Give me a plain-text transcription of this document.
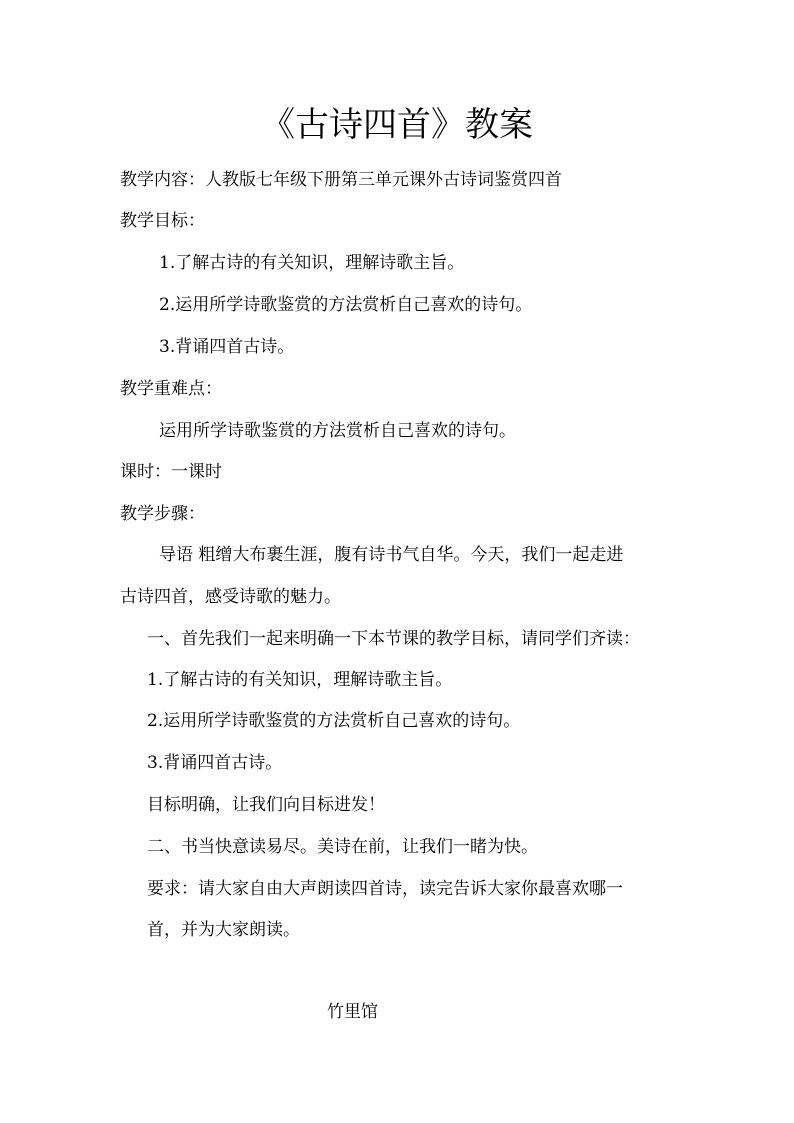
《古诗四首》教案
教学内容：人教版七年级下册第三单元课外古诗词鉴赏四首
教学目标：
1.了解古诗的有关知识，理解诗歌主旨。
2.运用所学诗歌鉴赏的方法赏析自己喜欢的诗句。
3.背诵四首古诗。
教学重难点：
运用所学诗歌鉴赏的方法赏析自己喜欢的诗句。
课时：一课时
教学步骤：
导语 粗缯大布裹生涯，腹有诗书气自华。今天，我们一起走进
古诗四首，感受诗歌的魅力。
一、首先我们一起来明确一下本节课的教学目标，请同学们齐读：
1.了解古诗的有关知识，理解诗歌主旨。
2.运用所学诗歌鉴赏的方法赏析自己喜欢的诗句。
3.背诵四首古诗。
目标明确，让我们向目标进发！
二、书当快意读易尽。美诗在前，让我们一睹为快。
要求：请大家自由大声朗读四首诗，读完告诉大家你最喜欢哪一
首，并为大家朗读。
竹里馆
